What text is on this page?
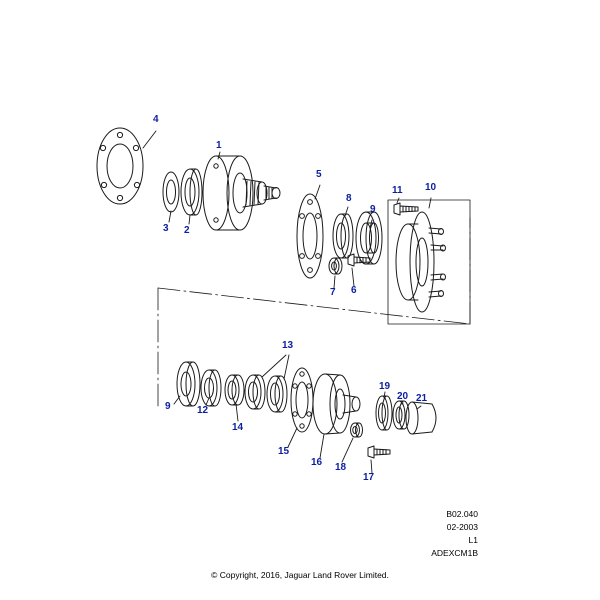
4
1
3 2
5
8
9
11 10
7 6
13
9	12
14
15
16 18
17
19
20 21
B02.040
02-2003
L1
ADEXCM1B
© Copyright, 2016, Jaguar Land Rover Limited.
